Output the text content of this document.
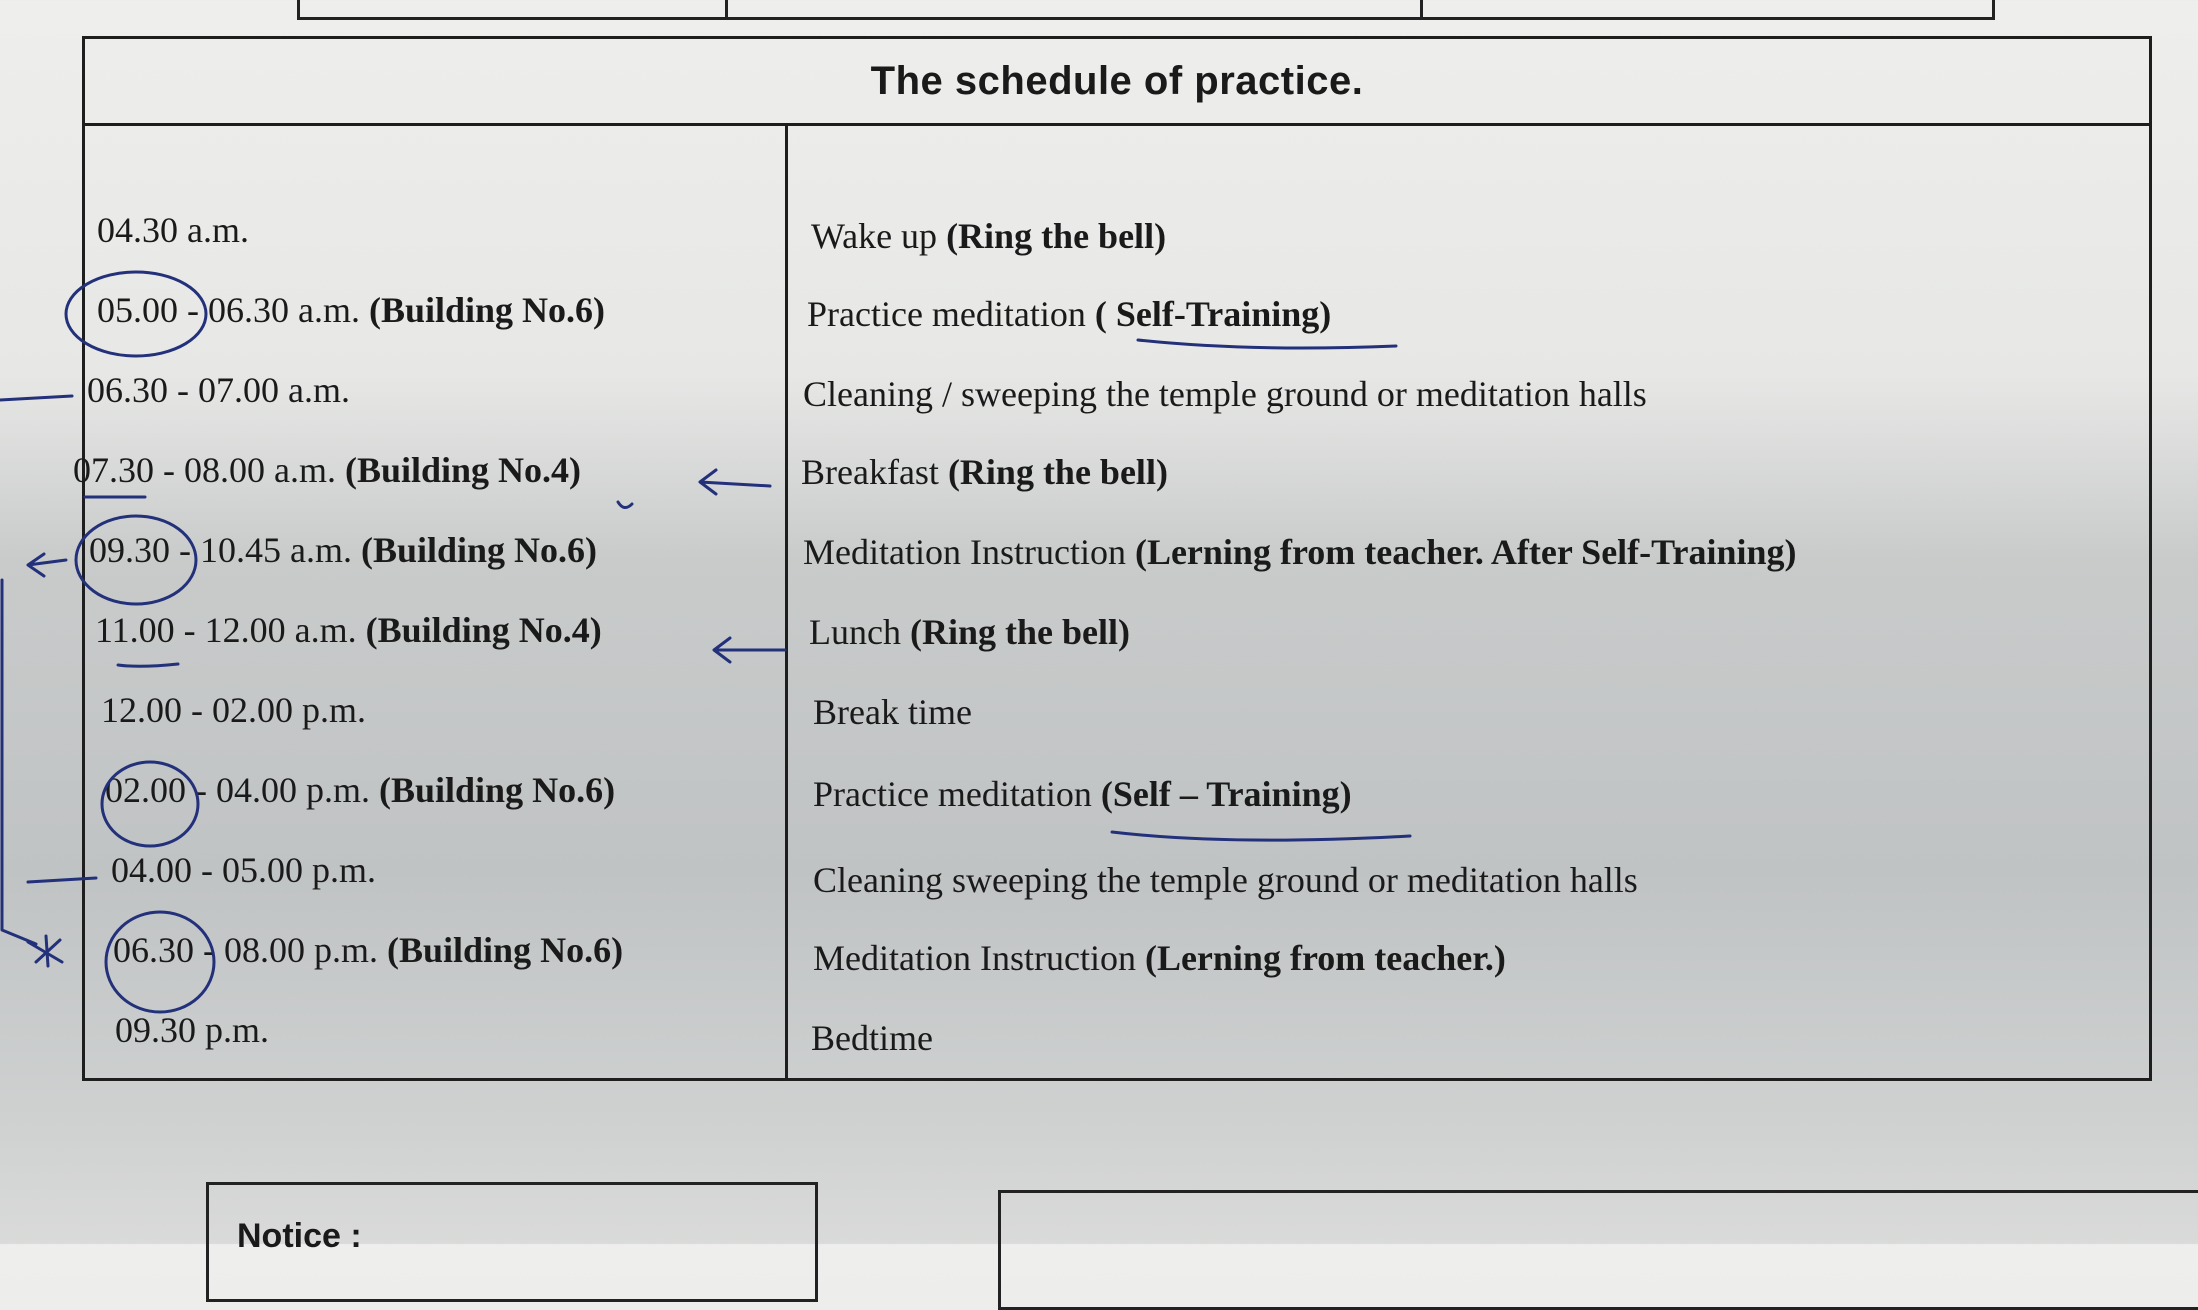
The schedule of practice.
04.30 a.m.	Wake up (Ring the bell)
05.00 - 06.30 a.m. (Building No.6)	Practice meditation ( Self-Training)
06.30 - 07.00 a.m.	Cleaning / sweeping the temple ground or meditation halls
07.30 - 08.00 a.m. (Building No.4)	Breakfast (Ring the bell)
09.30 - 10.45 a.m. (Building No.6)	Meditation Instruction (Lerning from teacher. After Self-Training)
11.00 - 12.00 a.m. (Building No.4)	Lunch (Ring the bell)
12.00 - 02.00 p.m.	Break time
02.00 - 04.00 p.m. (Building No.6)	Practice meditation (Self – Training)
04.00 - 05.00 p.m.	Cleaning sweeping the temple ground or meditation halls
06.30 - 08.00 p.m. (Building No.6)	Meditation Instruction (Lerning from teacher.)
09.30 p.m.	Bedtime
Notice :
